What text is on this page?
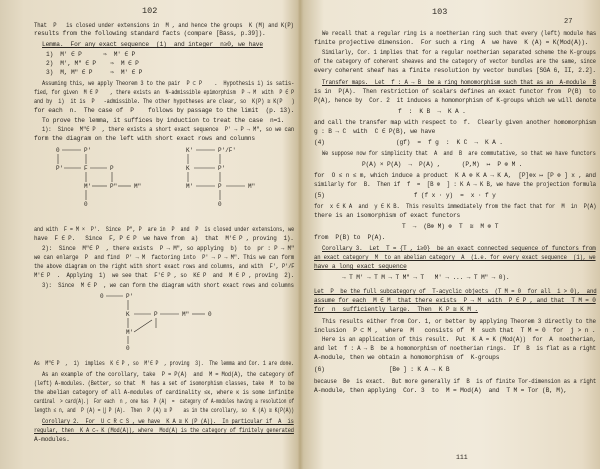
102
That  P   is closed under extensions in  M , and hence the groups  K (M) and K(P)
results from the following standard facts (compare [Bass, p.39]).
Lemma.  For any exact sequence  (1)  and integer  n≥0, we have
1)  M' ∈ P      ⇒  M' ∈ P
2)  M', M" ∈ P    ⇒  M ∈ P
3)  M, M" ∈ P     ⇒  M' ∈ P
Assuming this, we apply Theorem 3 to the pair  P ⊂ P    .  Hypothesis i) is satis-
fied, for given  M ∈ P    , there exists an  N-admissible epimorphism  P → M  with  P ∈ P
and by  i)  it is  P   -admissible. The other hypotheses are clear, so  K(P) ≅ K(P   )
for each  n.  The case of  P    follows by passage to the limit  (p. 13).
To prove the lemma, it suffices by induction to treat the case  n=1.
1):  Since  M"∈ P  , there exists a short exact sequence  P' → P → M", so we can
form the diagram on the left with short exact rows and columns
0	P'
P'	F	P
M'	P"	M"
0
K'	P'/F'
K	P'
M'	P	M"
0
and with  F = M ×  P'.  Since  P", P  are in  P  and  P  is closed under extensions, we
have  F ∈ P.   Since  F, P ∈ P  we have from  a)  that  M'∈ P , proving  1).
2):  Since  M"∈ P  , there exists  P → M", so applying  b)  to  pr : P → M"
we can enlarge  P  and find  P' → M  factoring into  P' → P → M". This we can form
the above diagram on the right with short exact rows and columns, and with  F', P'/F
M'∈ P  .  Applying  1)  we see that  F'∈ P , so  K∈ P  and  M ∈ P , proving  2).
3):  Since  M ∈ P  , we can form the diagram with short exact rows and columns
0	P'
K	P	M"	0
M'
0
As  M"∈ P  ,  1)  implies  K ∈ P , so  M'∈ P  , proving  3).  The lemma and Cor. 1 are done.
As an example of the corollary, take  P = P(A)  and  M = Mod(A), the category of
(left) A-modules. (Better, so that  M  has a set of isomorphism classes, take  M  to be
the abelian category of all A-modules of cardinality ≤κ, where κ is some infinite
cardinal  > card(A).)  For each  n , one has  P (A)  =  category of A-modules having a resolution of
length ≤ n, and  P (A) = ⋃ P (A).  Then  P (A) ≅ P    as in the corollary, so  K (A) ≅ K(P(A))
Corollary 2.  For  U ⊂ R ⊂ S , we have  K A ≅ K (P (A)).  In particular if  A  is
regular, then  K A ⊂→ K (Mod(A)), where  Mod(A) is the category of finitely generated
A-modules.
103
27
We recall that a regular ring is a noetherian ring such that every (left) module has
finite projective dimension.  For such a ring  A  we have  K (A) = K(Mod(A)).
Similarly, Cor. 1 implies that for a regular noetherian separated scheme the K-groups
of the category of coherent sheaves and the category of vector bundles are the same, since
every coherent sheaf has a finite resolution by vector bundles [SGA 6, II, 2.2].
Transfer maps.  Let  f : A → B  be a ring homomorphism such that as an  A-module  B
is in  P(A).  Then restriction of scalars defines an exact functor from  P(B)  to
P(A), hence by  Cor. 2  it induces a homomorphism of K-groups which we will denote
f  :  K B  →  K A .
and call the transfer map with respect to  f.  Clearly given another homomorphism
g : B → C  with  C ∈ P(B), we have
(4)                    (gf)  =  f g  :  K C  →  K A .
We suppose now for simplicity that  A  and  B  are commutative, so that we have functors
P(A) × P(A)  →  P(A) ,      (P,M)  ↦  P ⊗ M .
for  O ≤ n ≤ m, which induce a product  K A ⊗ K A → K A,  [P]⊗x ↦ [P ⊗ ] x , and
similarly for  B.  Then if  f  =  [B ⊗  ] : K A → K B, we have the projection formula
(5)                         f (f x · y)  =  x · f y
for  x ∈ K A  and  y ∈ K B.  This results immediately from the fact that for  M  in  P(A)
there is an isomorphism of exact functors
T  →  (B⊗ M) ⊗  T  ≅  M ⊗ T
from  P(B) to  P(A).
Corollary 3.  Let  T = {T , i≥0}  be an exact connected sequence of functors from
an exact category  M  to an abelian category  A  (i.e. for every exact sequence  (1), we
have a long exact sequence
→ T M' → T M → T M" → T   M' → ... → T M" → 0).
Let  P  be the full subcategory of  T-acyclic objects  (T M = 0  for all  i > 0),  and
assume for each  M ∈ M  that there exists  P → M  with  P ∈ P , and that  T M = 0
for  n  sufficiently large.  Then  K P ≅ K M .
This results either from Cor. 1, or better by applying Theorem 3 directly to the
inclusion  P ⊂ M ,  where  M   consists of  M  such that  T M = 0  for  j > n .
Here is an application of this result.  Put  K A = K (Mod(A))  for  A  noetherian,
and let  f : A → B  be a homomorphism of noetherian rings.  If  B  is flat as a right
A-module, then we obtain a homomorphism of  K-groups
(6)                  [B⊗ ] : K A → K B
because  B⊗  is exact.  But more generally if  B  is of finite Tor-dimension as a right
A-module, then applying  Cor. 3  to  M = Mod(A)  and  T M = Tor (B, M),
111
